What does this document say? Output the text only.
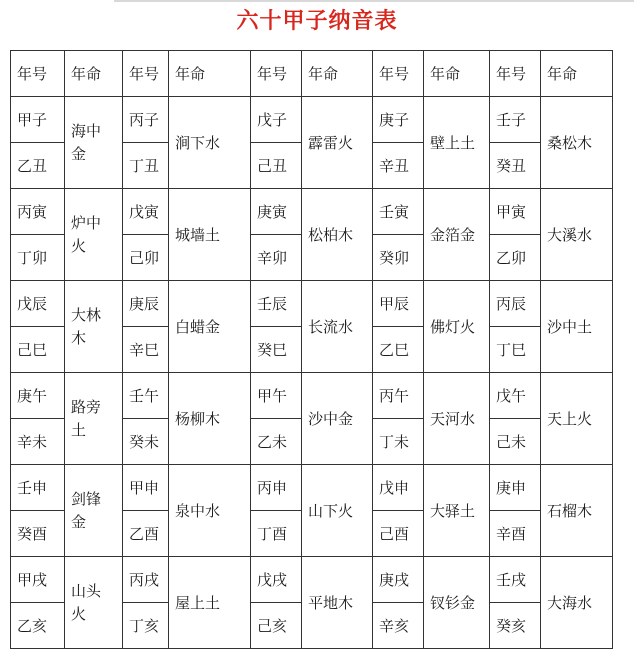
六十甲子纳音表
年号	年命	年号	年命	年号	年命	年号	年命	年号	年命
甲子	海中金	丙子	涧下水	戊子	霹雷火	庚子	壁上土	壬子	桑松木
乙丑		丁丑		己丑		辛丑		癸丑	
丙寅	炉中火	戊寅	城墙土	庚寅	松柏木	壬寅	金箔金	甲寅	大溪水
丁卯		己卯		辛卯		癸卯		乙卯	
戊辰	大林木	庚辰	白蜡金	壬辰	长流水	甲辰	佛灯火	丙辰	沙中土
己巳		辛巳		癸巳		乙巳		丁巳	
庚午	路旁土	壬午	杨柳木	甲午	沙中金	丙午	天河水	戊午	天上火
辛未		癸未		乙未		丁未		己未	
壬申	剑锋金	甲申	泉中水	丙申	山下火	戊申	大驿土	庚申	石榴木
癸酉		乙酉		丁酉		己酉		辛酉	
甲戌	山头火	丙戌	屋上土	戊戌	平地木	庚戌	钗钐金	壬戌	大海水
乙亥		丁亥		己亥		辛亥		癸亥	
